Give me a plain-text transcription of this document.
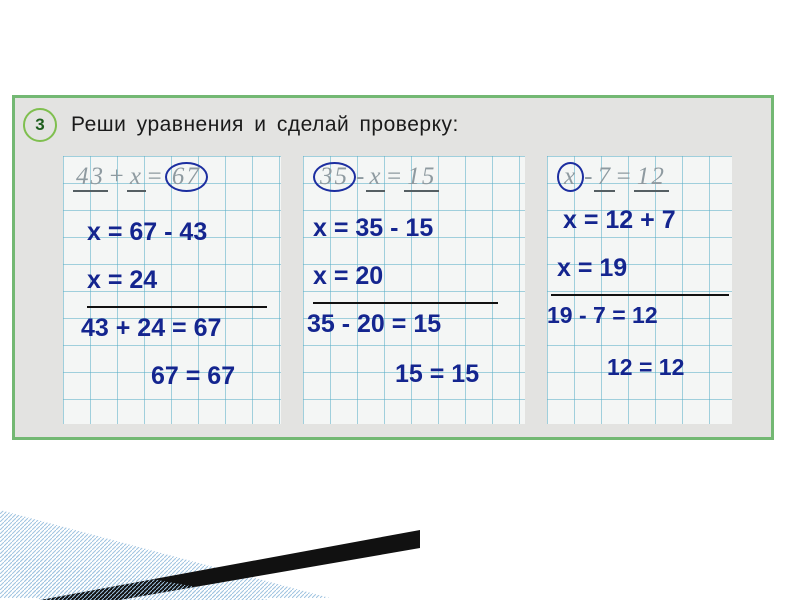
3	Реши уравнения и сделай проверку:
43 + x = 67
x = 67 - 43
x = 24
43 + 24 = 67
67 = 67
35 - x = 15
x = 35 - 15
x = 20
35 - 20 = 15
15 = 15
x - 7 = 12
x = 12 + 7
x = 19
19 - 7 = 12
12 = 12
